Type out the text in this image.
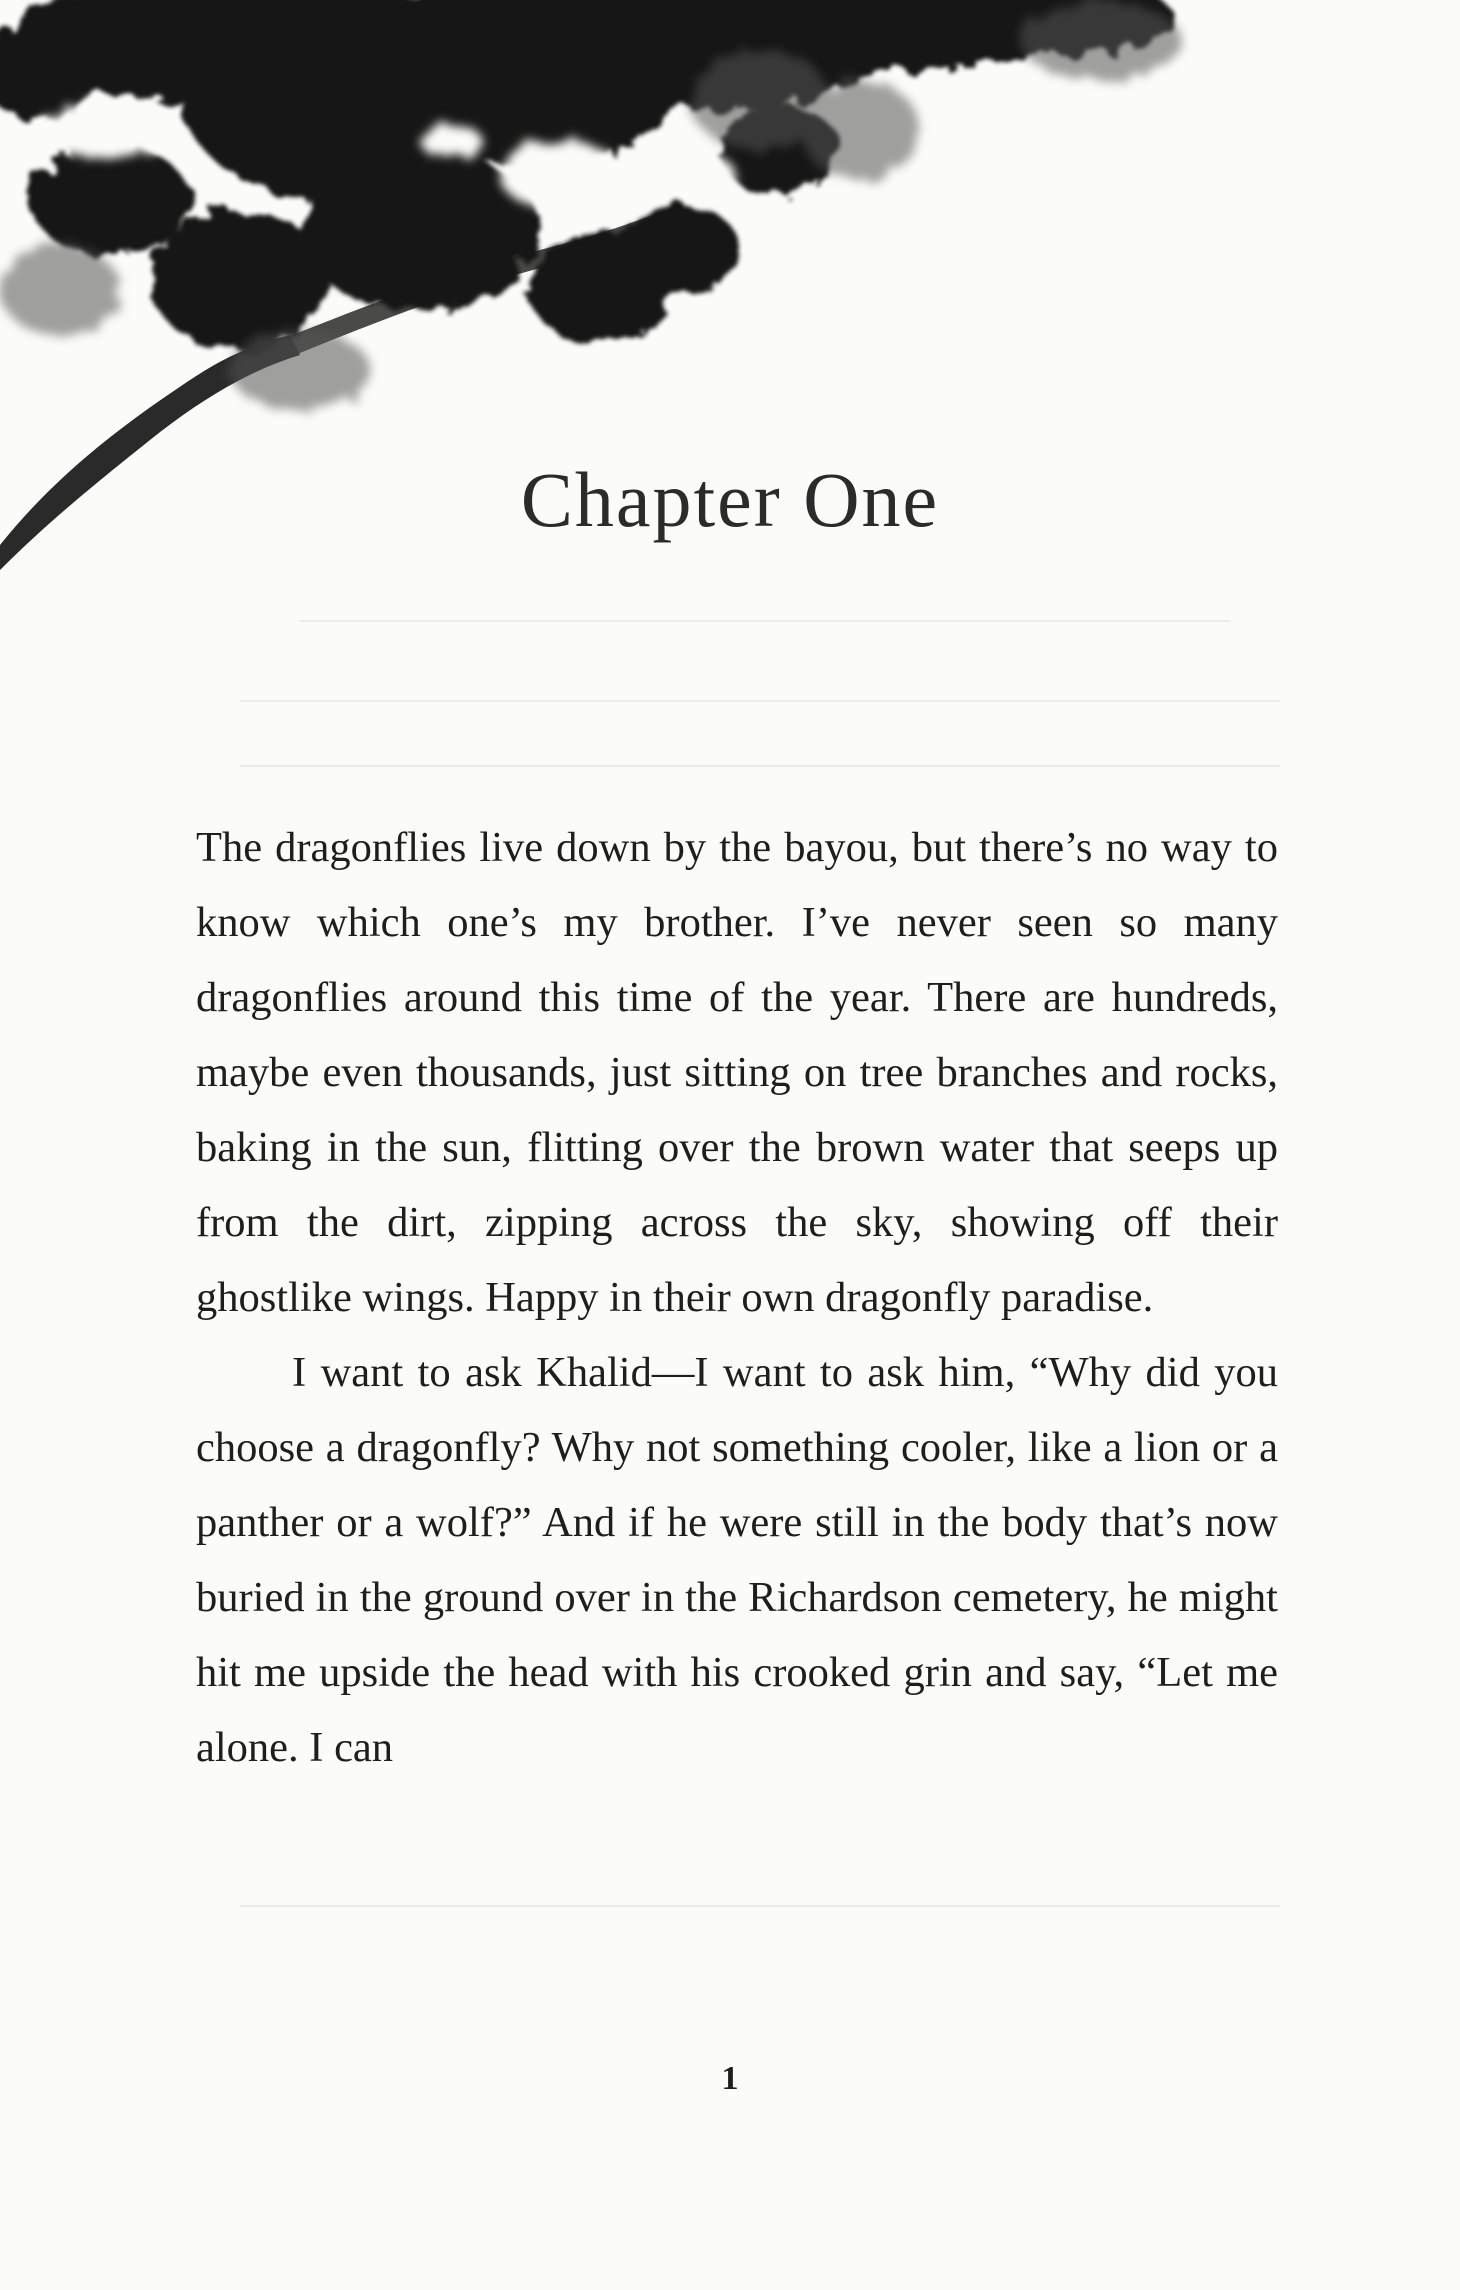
Chapter One

The dragonflies live down by the bayou, but there’s no way to know which one’s my brother. I’ve never seen so many dragonflies around this time of the year. There are hundreds, maybe even thousands, just sitting on tree branches and rocks, baking in the sun, flitting over the brown water that seeps up from the dirt, zipping across the sky, showing off their ghostlike wings. Happy in their own dragonfly paradise.

I want to ask Khalid—I want to ask him, “Why did you choose a dragonfly? Why not something cooler, like a lion or a panther or a wolf?” And if he were still in the body that’s now buried in the ground over in the Richardson cemetery, he might hit me upside the head with his crooked grin and say, “Let me alone. I can

1
